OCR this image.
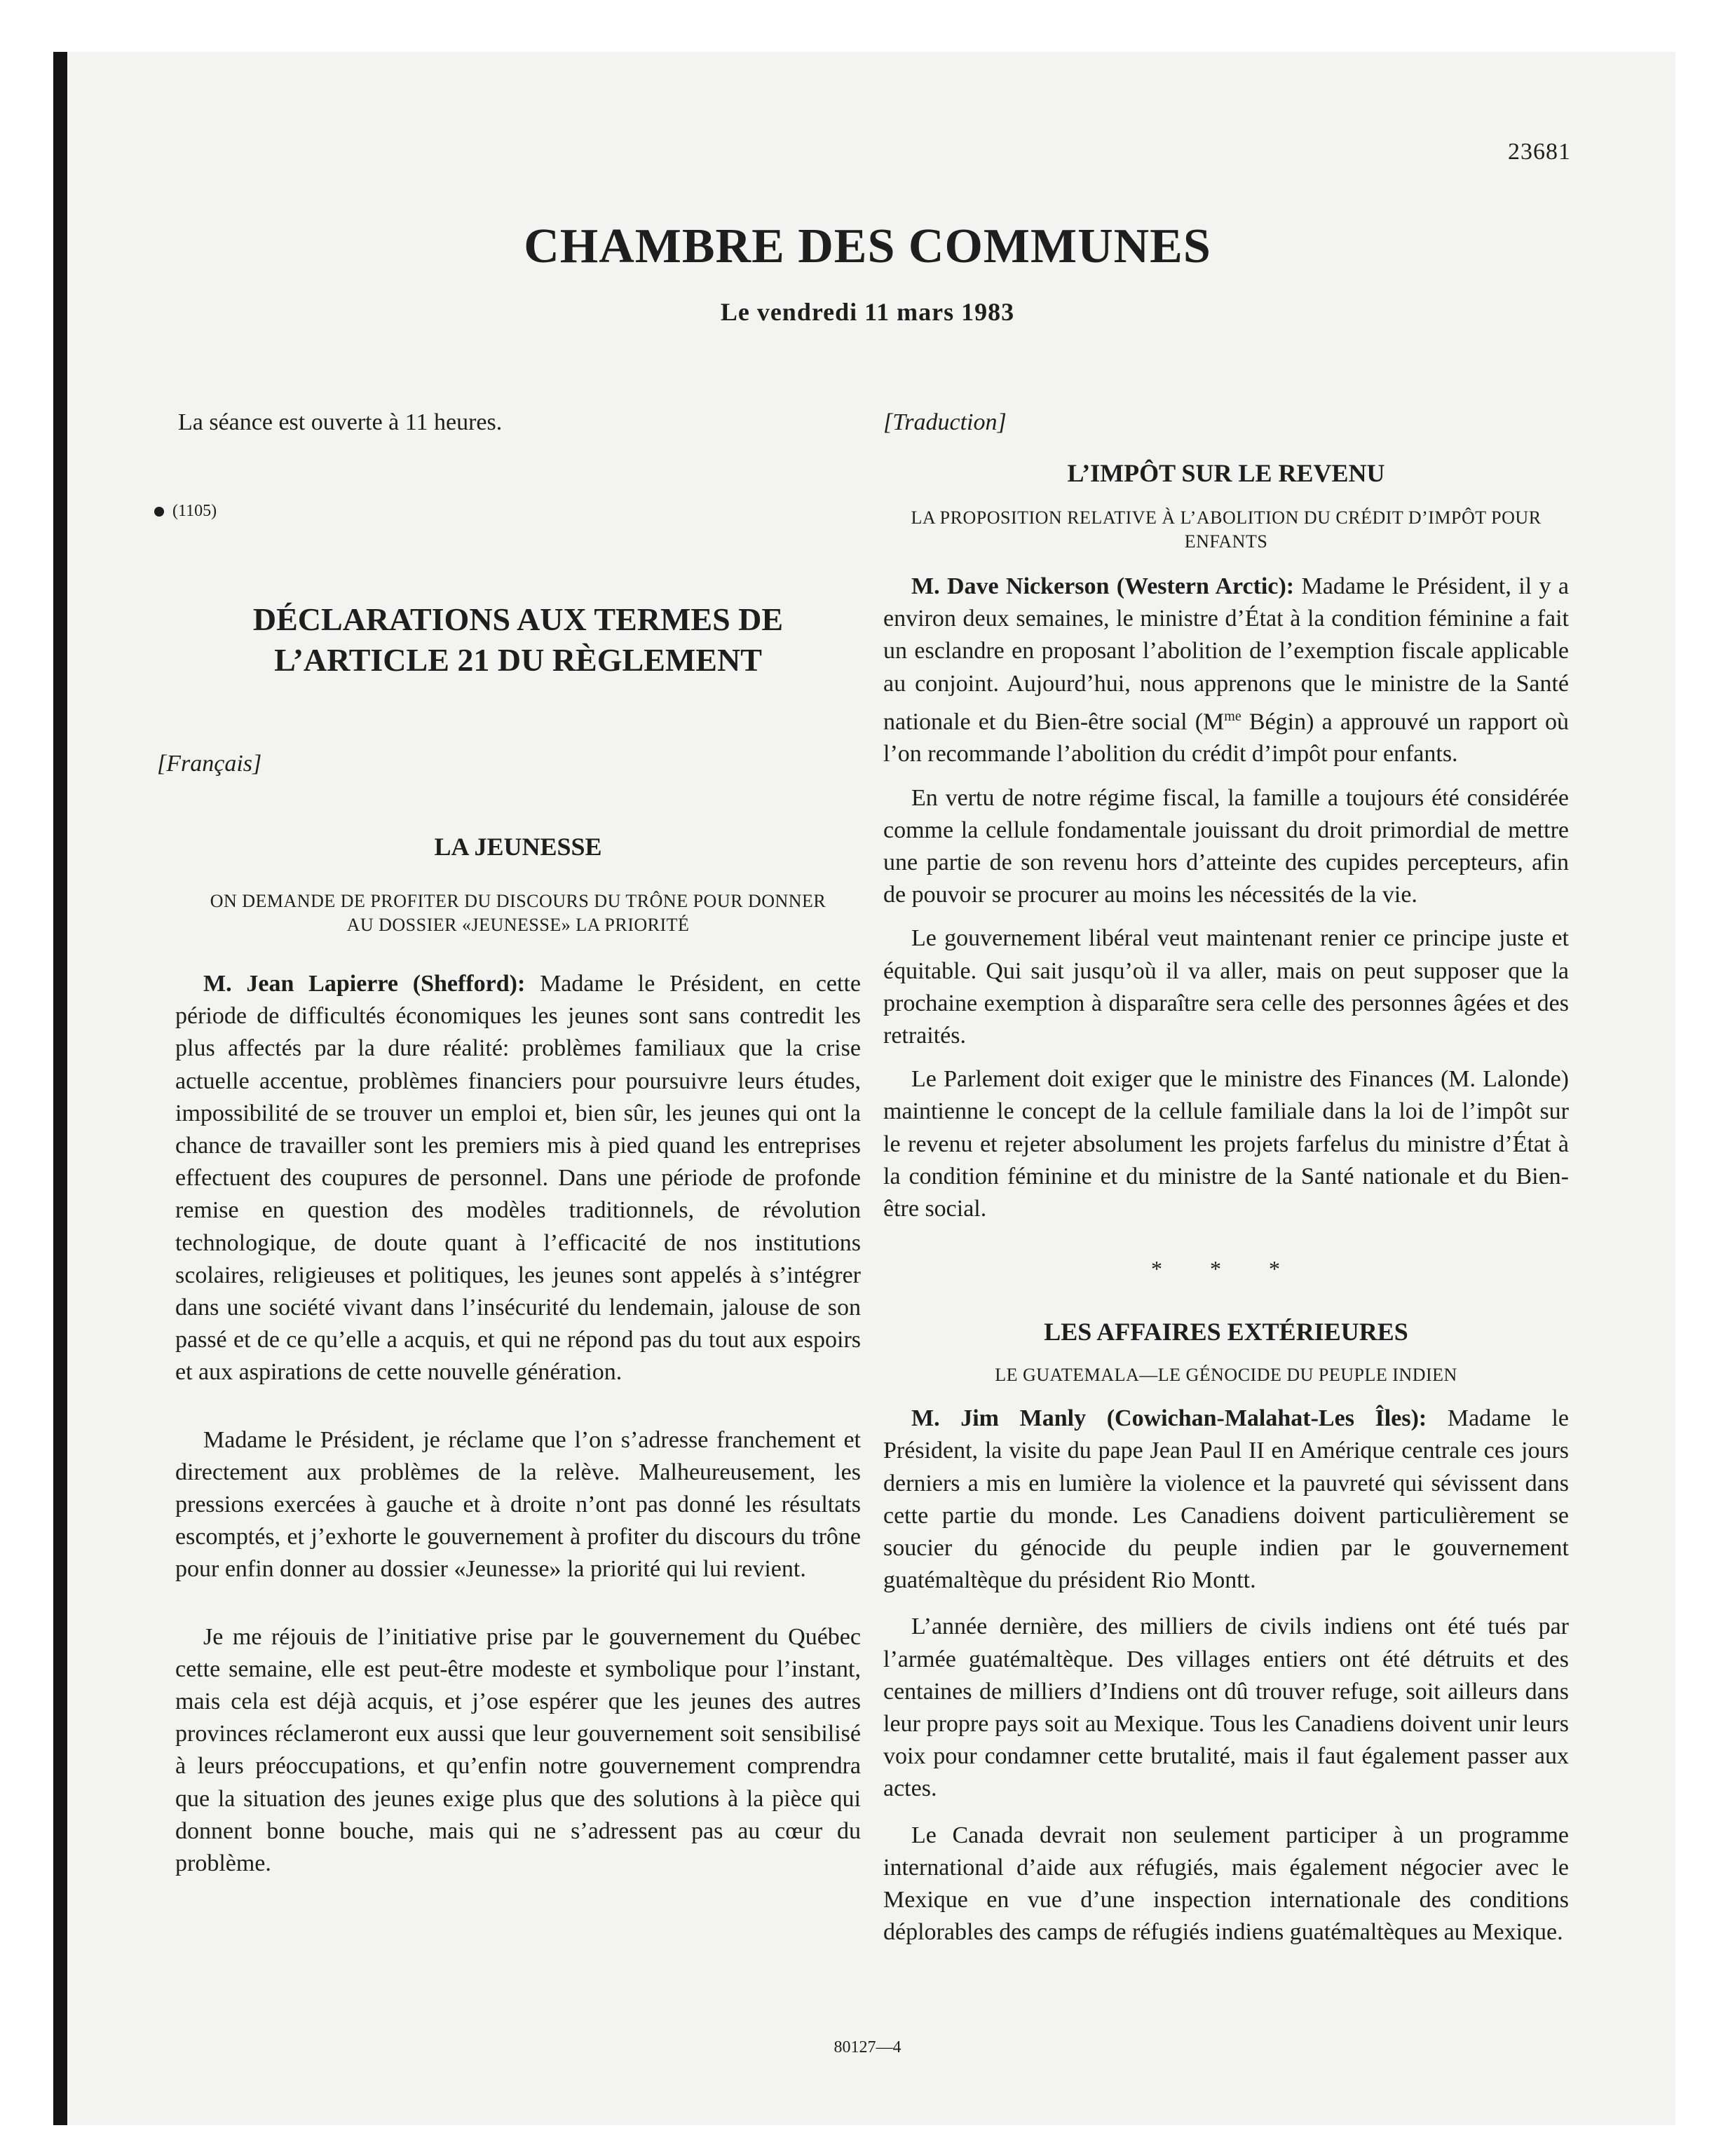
23681
CHAMBRE DES COMMUNES
Le vendredi 11 mars 1983

La séance est ouverte à 11 heures.

(1105)

DÉCLARATIONS AUX TERMES DE L’ARTICLE 21 DU RÈGLEMENT

[Français]

LA JEUNESSE

ON DEMANDE DE PROFITER DU DISCOURS DU TRÔNE POUR DONNER AU DOSSIER «JEUNESSE» LA PRIORITÉ

M. Jean Lapierre (Shefford): Madame le Président, en cette période de difficultés économiques les jeunes sont sans contredit les plus affectés par la dure réalité: problèmes familiaux que la crise actuelle accentue, problèmes financiers pour poursuivre leurs études, impossibilité de se trouver un emploi et, bien sûr, les jeunes qui ont la chance de travailler sont les premiers mis à pied quand les entreprises effectuent des coupures de personnel. Dans une période de profonde remise en question des modèles traditionnels, de révolution technologique, de doute quant à l’efficacité de nos institutions scolaires, religieuses et politiques, les jeunes sont appelés à s’intégrer dans une société vivant dans l’insécurité du lendemain, jalouse de son passé et de ce qu’elle a acquis, et qui ne répond pas du tout aux espoirs et aux aspirations de cette nouvelle génération.

Madame le Président, je réclame que l’on s’adresse franchement et directement aux problèmes de la relève. Malheureusement, les pressions exercées à gauche et à droite n’ont pas donné les résultats escomptés, et j’exhorte le gouvernement à profiter du discours du trône pour enfin donner au dossier «Jeunesse» la priorité qui lui revient.

Je me réjouis de l’initiative prise par le gouvernement du Québec cette semaine, elle est peut-être modeste et symbolique pour l’instant, mais cela est déjà acquis, et j’ose espérer que les jeunes des autres provinces réclameront eux aussi que leur gouvernement soit sensibilisé à leurs préoccupations, et qu’enfin notre gouvernement comprendra que la situation des jeunes exige plus que des solutions à la pièce qui donnent bonne bouche, mais qui ne s’adressent pas au cœur du problème.

[Traduction]

L’IMPÔT SUR LE REVENU

LA PROPOSITION RELATIVE À L’ABOLITION DU CRÉDIT D’IMPÔT POUR ENFANTS

M. Dave Nickerson (Western Arctic): Madame le Président, il y a environ deux semaines, le ministre d’État à la condition féminine a fait un esclandre en proposant l’abolition de l’exemption fiscale applicable au conjoint. Aujourd’hui, nous apprenons que le ministre de la Santé nationale et du Bien-être social ($M^{me}$ Bégin) a approuvé un rapport où l’on recommande l’abolition du crédit d’impôt pour enfants.

En vertu de notre régime fiscal, la famille a toujours été considérée comme la cellule fondamentale jouissant du droit primordial de mettre une partie de son revenu hors d’atteinte des cupides percepteurs, afin de pouvoir se procurer au moins les nécessités de la vie.

Le gouvernement libéral veut maintenant renier ce principe juste et équitable. Qui sait jusqu’où il va aller, mais on peut supposer que la prochaine exemption à disparaître sera celle des personnes âgées et des retraités.

Le Parlement doit exiger que le ministre des Finances (M. Lalonde) maintienne le concept de la cellule familiale dans la loi de l’impôt sur le revenu et rejeter absolument les projets farfelus du ministre d’État à la condition féminine et du ministre de la Santé nationale et du Bien-être social.

* * *

LES AFFAIRES EXTÉRIEURES

LE GUATEMALA—LE GÉNOCIDE DU PEUPLE INDIEN

M. Jim Manly (Cowichan-Malahat-Les Îles): Madame le Président, la visite du pape Jean Paul II en Amérique centrale ces jours derniers a mis en lumière la violence et la pauvreté qui sévissent dans cette partie du monde. Les Canadiens doivent particulièrement se soucier du génocide du peuple indien par le gouvernement guatémaltèque du président Rio Montt.

L’année dernière, des milliers de civils indiens ont été tués par l’armée guatémaltèque. Des villages entiers ont été détruits et des centaines de milliers d’Indiens ont dû trouver refuge, soit ailleurs dans leur propre pays soit au Mexique. Tous les Canadiens doivent unir leurs voix pour condamner cette brutalité, mais il faut également passer aux actes.

Le Canada devrait non seulement participer à un programme international d’aide aux réfugiés, mais également négocier avec le Mexique en vue d’une inspection internationale des conditions déplorables des camps de réfugiés indiens guatémaltèques au Mexique.

80127—4
